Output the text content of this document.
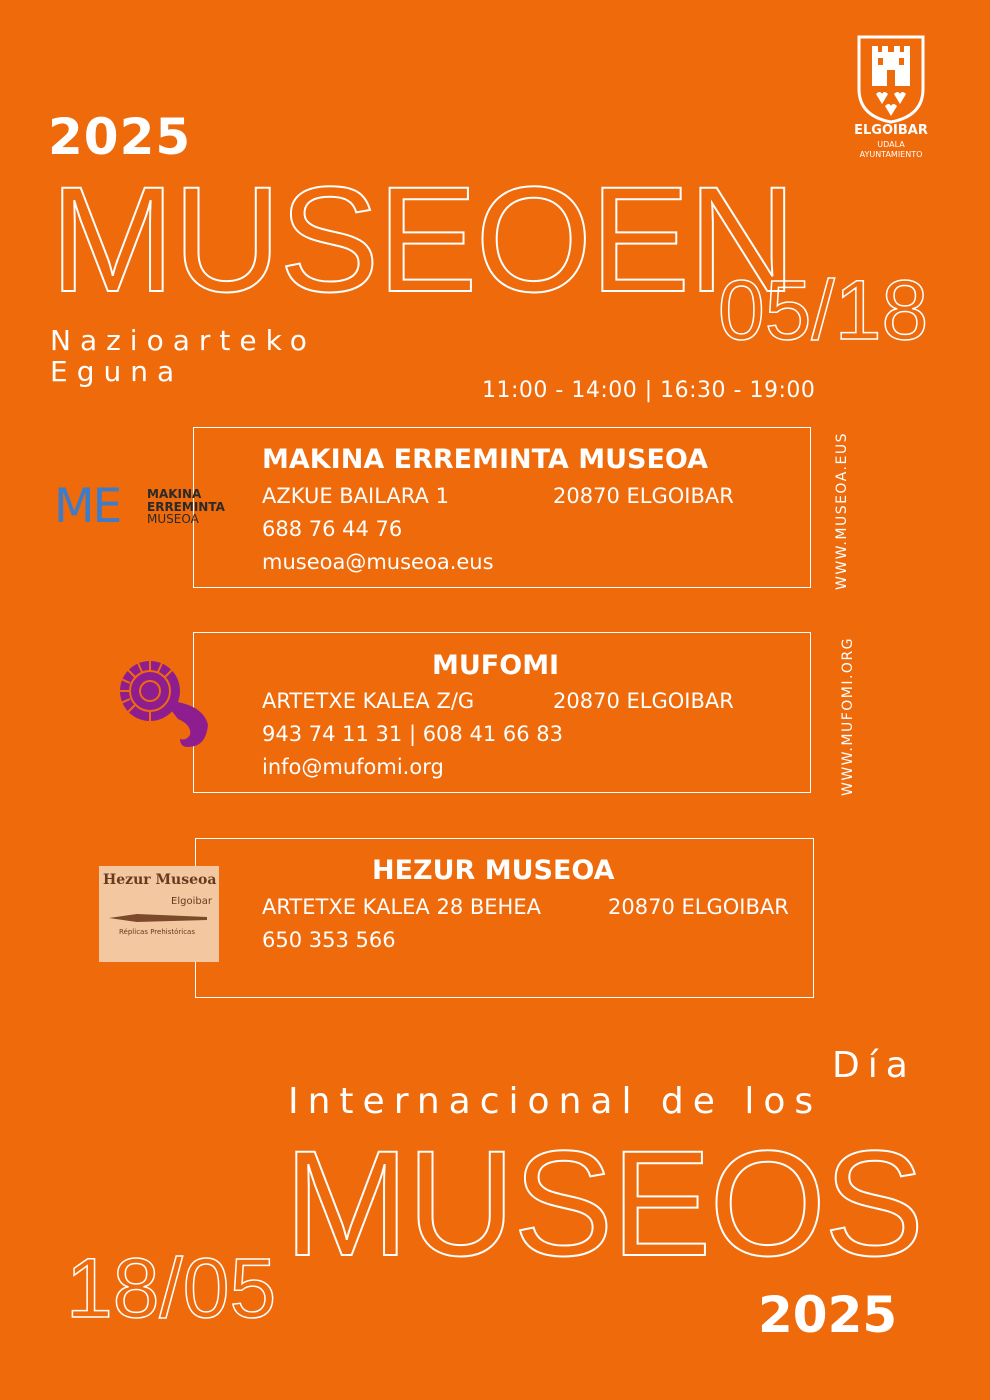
2025
MUSEOEN
05/18
Nazioarteko
Eguna
11:00 - 14:00 | 16:30 - 19:00
ELGOIBAR
UDALA
AYUNTAMIENTO
MAKINA ERREMINTA MUSEOA
AZKUE BAILARA 1	20870 ELGOIBAR
688 76 44 76
museoa@museoa.eus	WWW.MUSEOA.EUS
ME MAKINA
ERREMINTA
MUSEOA
MUFOMI
ARTETXE KALEA Z/G	20870 ELGOIBAR
943 74 11 31 | 608 41 66 83
info@mufomi.org	WWW.MUFOMI.ORG
HEZUR MUSEOA
ARTETXE KALEA 28 BEHEA	20870 ELGOIBAR
650 353 566
Hezur Museoa
Elgoibar
Réplicas Prehistóricas
Día
Internacional de los
MUSEOS
18/05	2025
